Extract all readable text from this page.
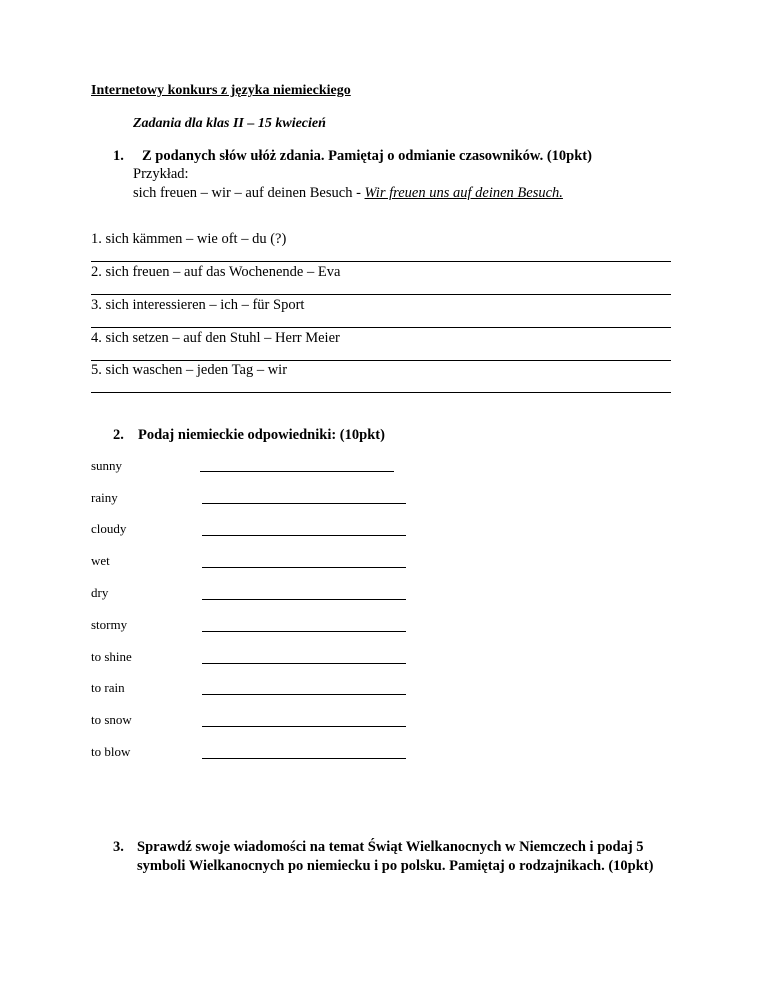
Internetowy konkurs z języka niemieckiego
Zadania dla klas II – 15 kwiecień
1. Z podanych słów ułóż zdania. Pamiętaj o odmianie czasowników. (10pkt)
Przykład:
sich freuen – wir – auf deinen Besuch - Wir freuen uns auf deinen Besuch.
1. sich kämmen – wie oft – du (?)
2. sich freuen – auf das Wochenende – Eva
3. sich interessieren – ich – für Sport
4. sich setzen – auf den Stuhl – Herr Meier
5. sich waschen – jeden Tag – wir
2. Podaj niemieckie odpowiedniki: (10pkt)
sunny
rainy
cloudy
wet
dry
stormy
to shine
to rain
to snow
to blow
3. Sprawdź swoje wiadomości na temat Świąt Wielkanocnych w Niemczech i podaj 5 symboli Wielkanocnych po niemiecku i po polsku. Pamiętaj o rodzajnikach. (10pkt)
